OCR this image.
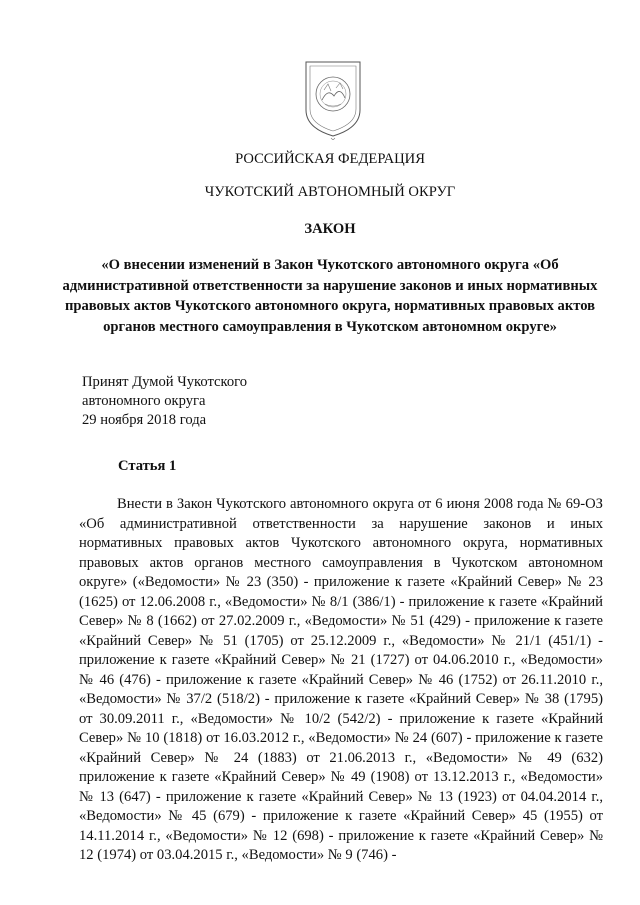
РОССИЙСКАЯ ФЕДЕРАЦИЯ
ЧУКОТСКИЙ АВТОНОМНЫЙ ОКРУГ
ЗАКОН
«О внесении изменений в Закон Чукотского автономного округа «Об административной ответственности за нарушение законов и иных нормативных правовых актов Чукотского автономного округа, нормативных правовых актов органов местного самоуправления в Чукотском автономном округе»
Принят Думой Чукотского
автономного округа
29 ноября 2018 года
Статья 1
Внести в Закон Чукотского автономного округа от 6 июня 2008 года № 69-ОЗ «Об административной ответственности за нарушение законов и иных нормативных правовых актов Чукотского автономного округа, нормативных правовых актов органов местного самоуправления в Чукотском автономном округе» («Ведомости» № 23 (350) - приложение к газете «Крайний Север» № 23 (1625) от 12.06.2008 г., «Ведомости» № 8/1 (386/1) - приложение к газете «Крайний Север» № 8 (1662) от 27.02.2009 г., «Ведомости» № 51 (429) - приложение к газете «Крайний Север» № 51 (1705) от 25.12.2009 г., «Ведомости» № 21/1 (451/1) - приложение к газете «Крайний Север» № 21 (1727) от 04.06.2010 г., «Ведомости» № 46 (476) - приложение к газете «Крайний Север» № 46 (1752) от 26.11.2010 г., «Ведомости» № 37/2 (518/2) - приложение к газете «Крайний Север» № 38 (1795) от 30.09.2011 г., «Ведомости» № 10/2 (542/2) - приложение к газете «Крайний Север» № 10 (1818) от 16.03.2012 г., «Ведомости» № 24 (607) - приложение к газете «Крайний Север» № 24 (1883) от 21.06.2013 г., «Ведомости» № 49 (632) приложение к газете «Крайний Север» № 49 (1908) от 13.12.2013 г., «Ведомости» № 13 (647) - приложение к газете «Крайний Север» № 13 (1923) от 04.04.2014 г., «Ведомости» № 45 (679) - приложение к газете «Крайний Север» 45 (1955) от 14.11.2014 г., «Ведомости» № 12 (698) - приложение к газете «Крайний Север» № 12 (1974) от 03.04.2015 г., «Ведомости» № 9 (746) -
